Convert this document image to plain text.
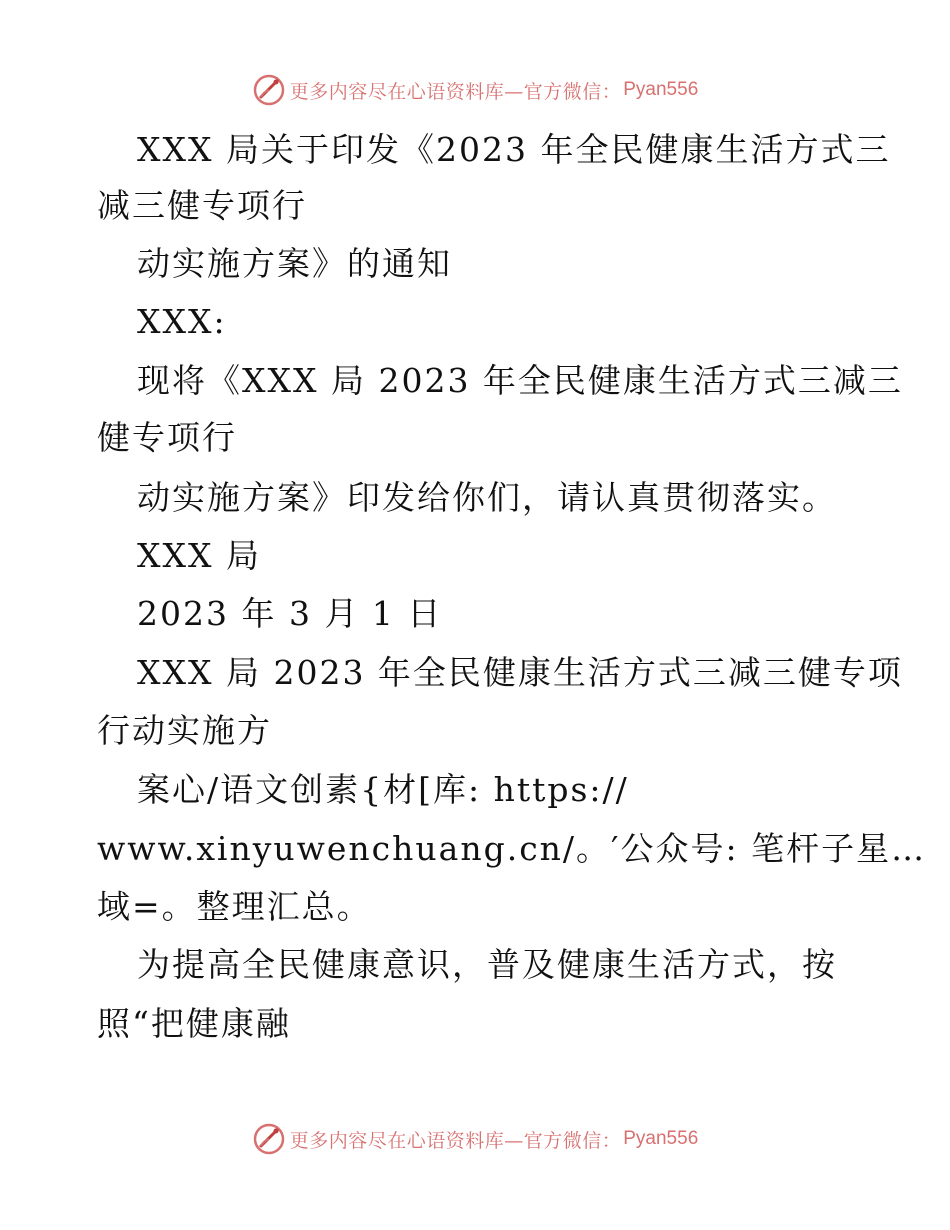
更多内容尽在心语资料库—官方微信： Pyan556
XXX 局关于印发《2023 年全民健康生活方式三
减三健专项行
动实施方案》的通知
XXX:
现将《XXX 局 2023 年全民健康生活方式三减三
健专项行
动实施方案》印发给你们，请认真贯彻落实。
XXX 局
2023 年 3 月 1 日
XXX 局 2023 年全民健康生活方式三减三健专项
行动实施方
案心/语文创素{材[库: https://
www.xinyuwenchuang.cn/。′公众号: 笔杆子星…
域=。整理汇总。
为提高全民健康意识，普及健康生活方式，按
照“把健康融
更多内容尽在心语资料库—官方微信： Pyan556
